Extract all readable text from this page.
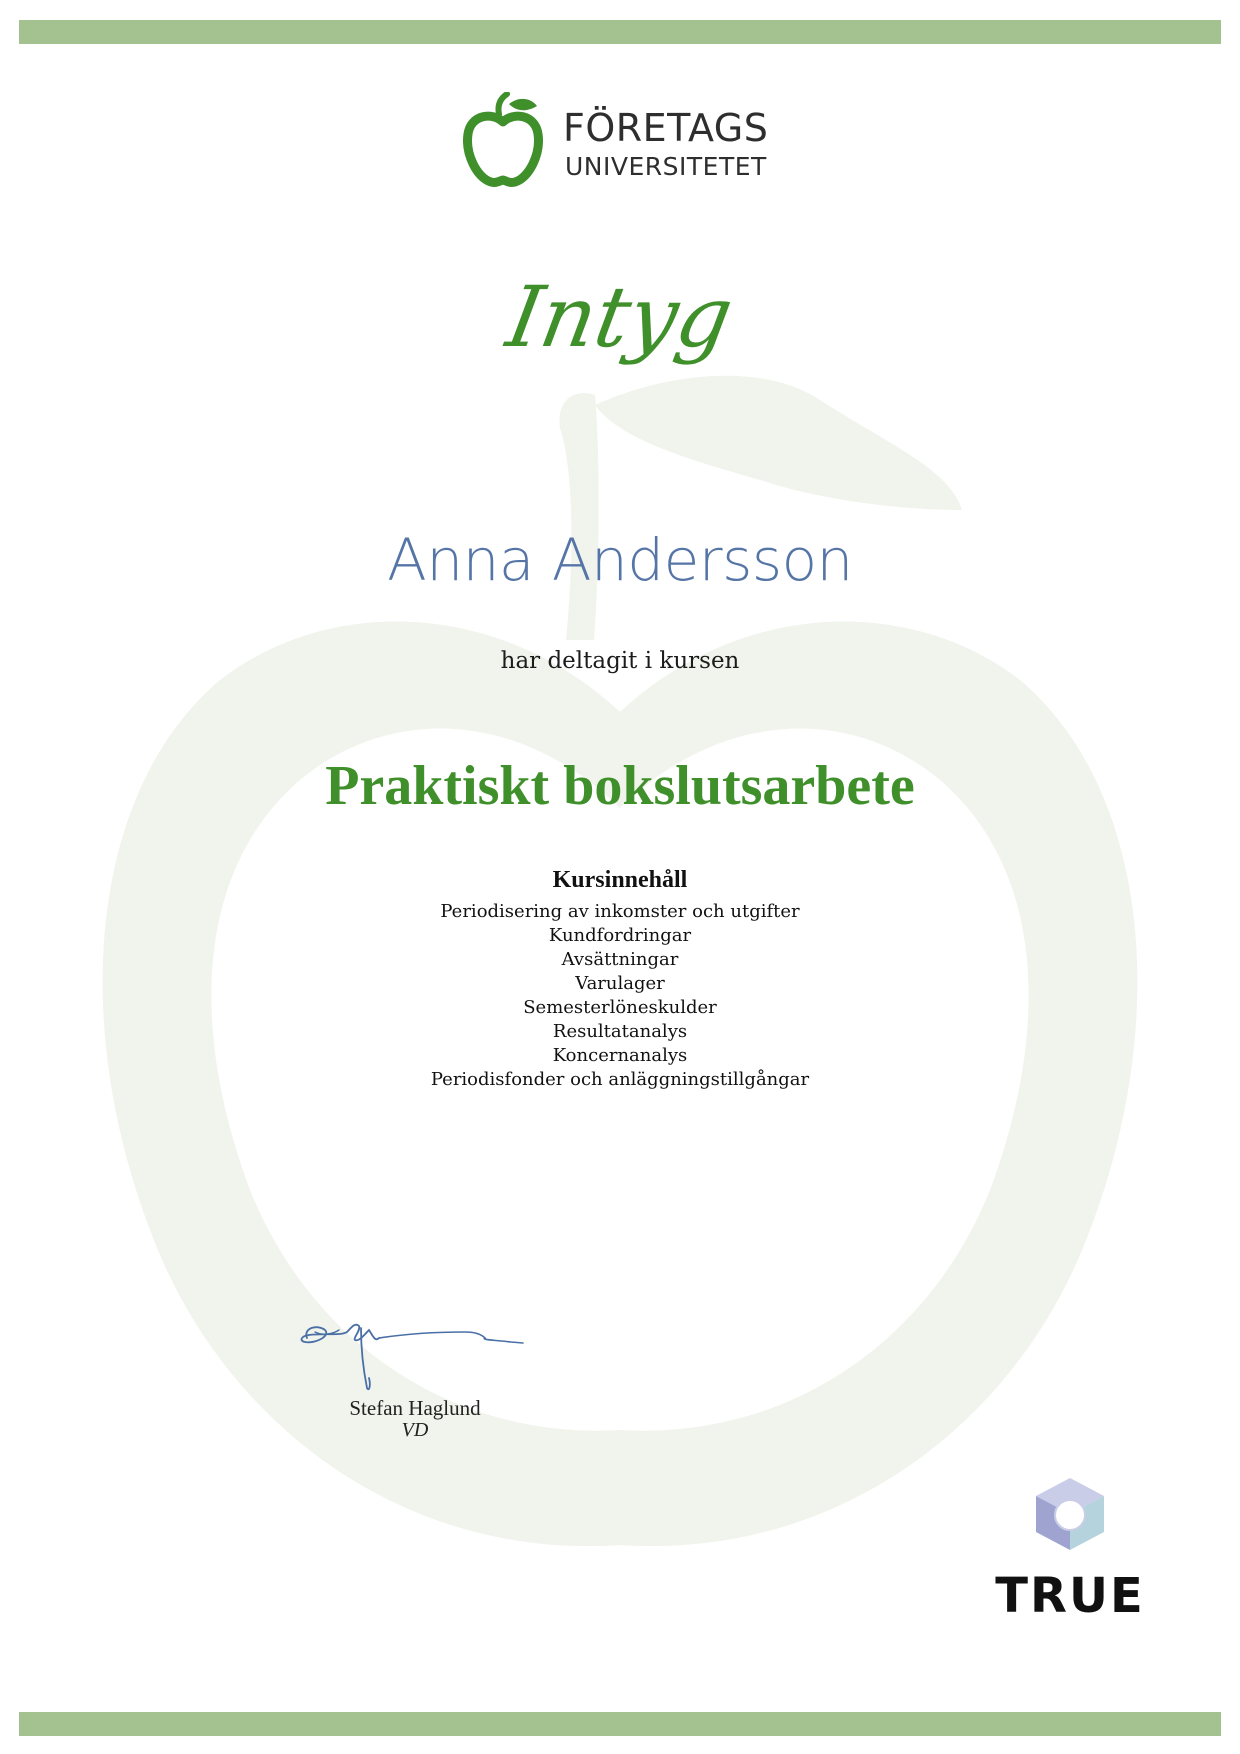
FÖRETAGS
UNIVERSITETET
Intyg
Anna Andersson
har deltagit i kursen
Praktiskt bokslutsarbete
Kursinnehåll
Periodisering av inkomster och utgifter
Kundfordringar
Avsättningar
Varulager
Semesterlöneskulder
Resultatanalys
Koncernanalys
Periodisfonder och anläggningstillgångar
Stefan Haglund
VD
TRUE
